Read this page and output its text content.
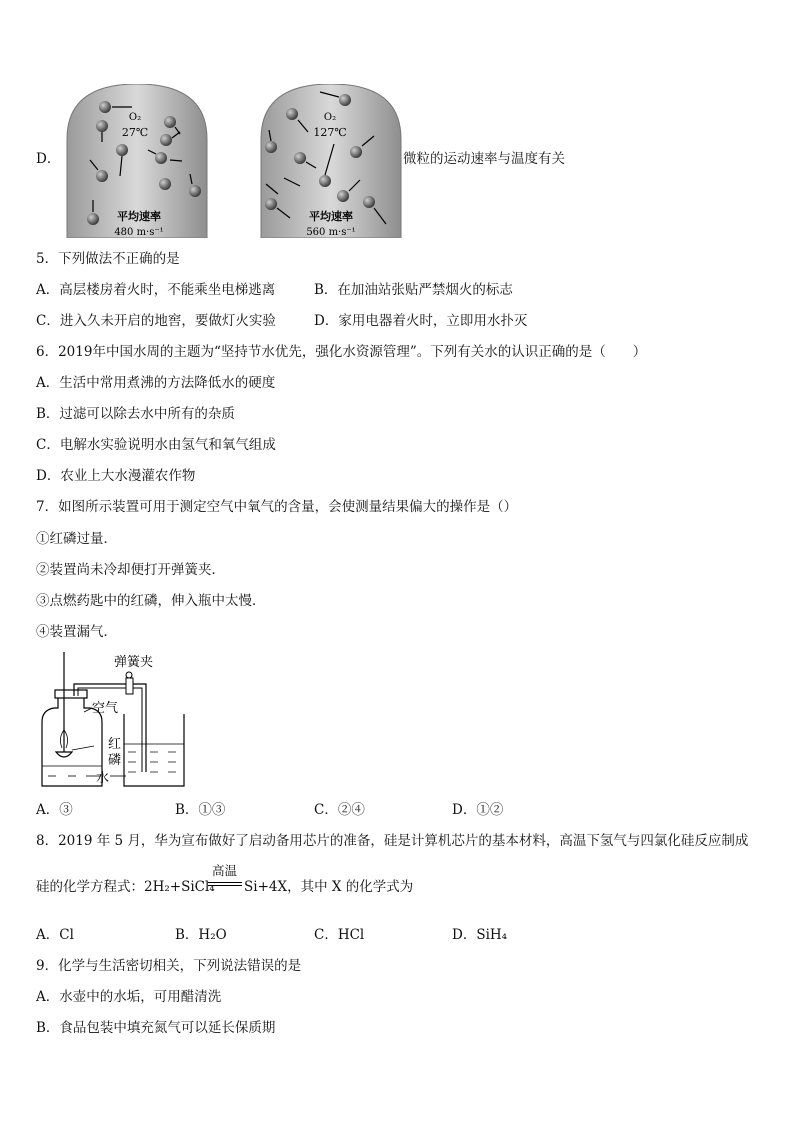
D．
O₂
27℃
平均速率
480 m·s⁻¹
O₂
127℃
平均速率
560 m·s⁻¹
微粒的运动速率与温度有关
5．下列做法不正确的是
A．高层楼房着火时，不能乘坐电梯逃离	B．在加油站张贴严禁烟火的标志
C．进入久未开启的地窖，要做灯火实验	D．家用电器着火时，立即用水扑灭
6．2019年中国水周的主题为“坚持节水优先，强化水资源管理”。下列有关水的认识正确的是（　　）
A．生活中常用煮沸的方法降低水的硬度
B．过滤可以除去水中所有的杂质
C．电解水实验说明水由氢气和氧气组成
D．农业上大水漫灌农作物
7．如图所示装置可用于测定空气中氧气的含量，会使测量结果偏大的操作是（）
①红磷过量．
②装置尚未冷却便打开弹簧夹．
③点燃药匙中的红磷，伸入瓶中太慢．
④装置漏气．
弹簧夹
空气
红
磷
水
A．③	B．①③	C．②④	D．①②
8．2019 年 5 月，华为宣布做好了启动备用芯片的准备，硅是计算机芯片的基本材料，高温下氢气与四氯化硅反应制成
硅的化学方程式：2H₂+SiCl₄
高温
Si+4X，其中 X 的化学式为
A．Cl	B．H₂O	C．HCl	D．SiH₄
9．化学与生活密切相关，下列说法错误的是
A．水壶中的水垢，可用醋清洗
B．食品包装中填充氮气可以延长保质期
